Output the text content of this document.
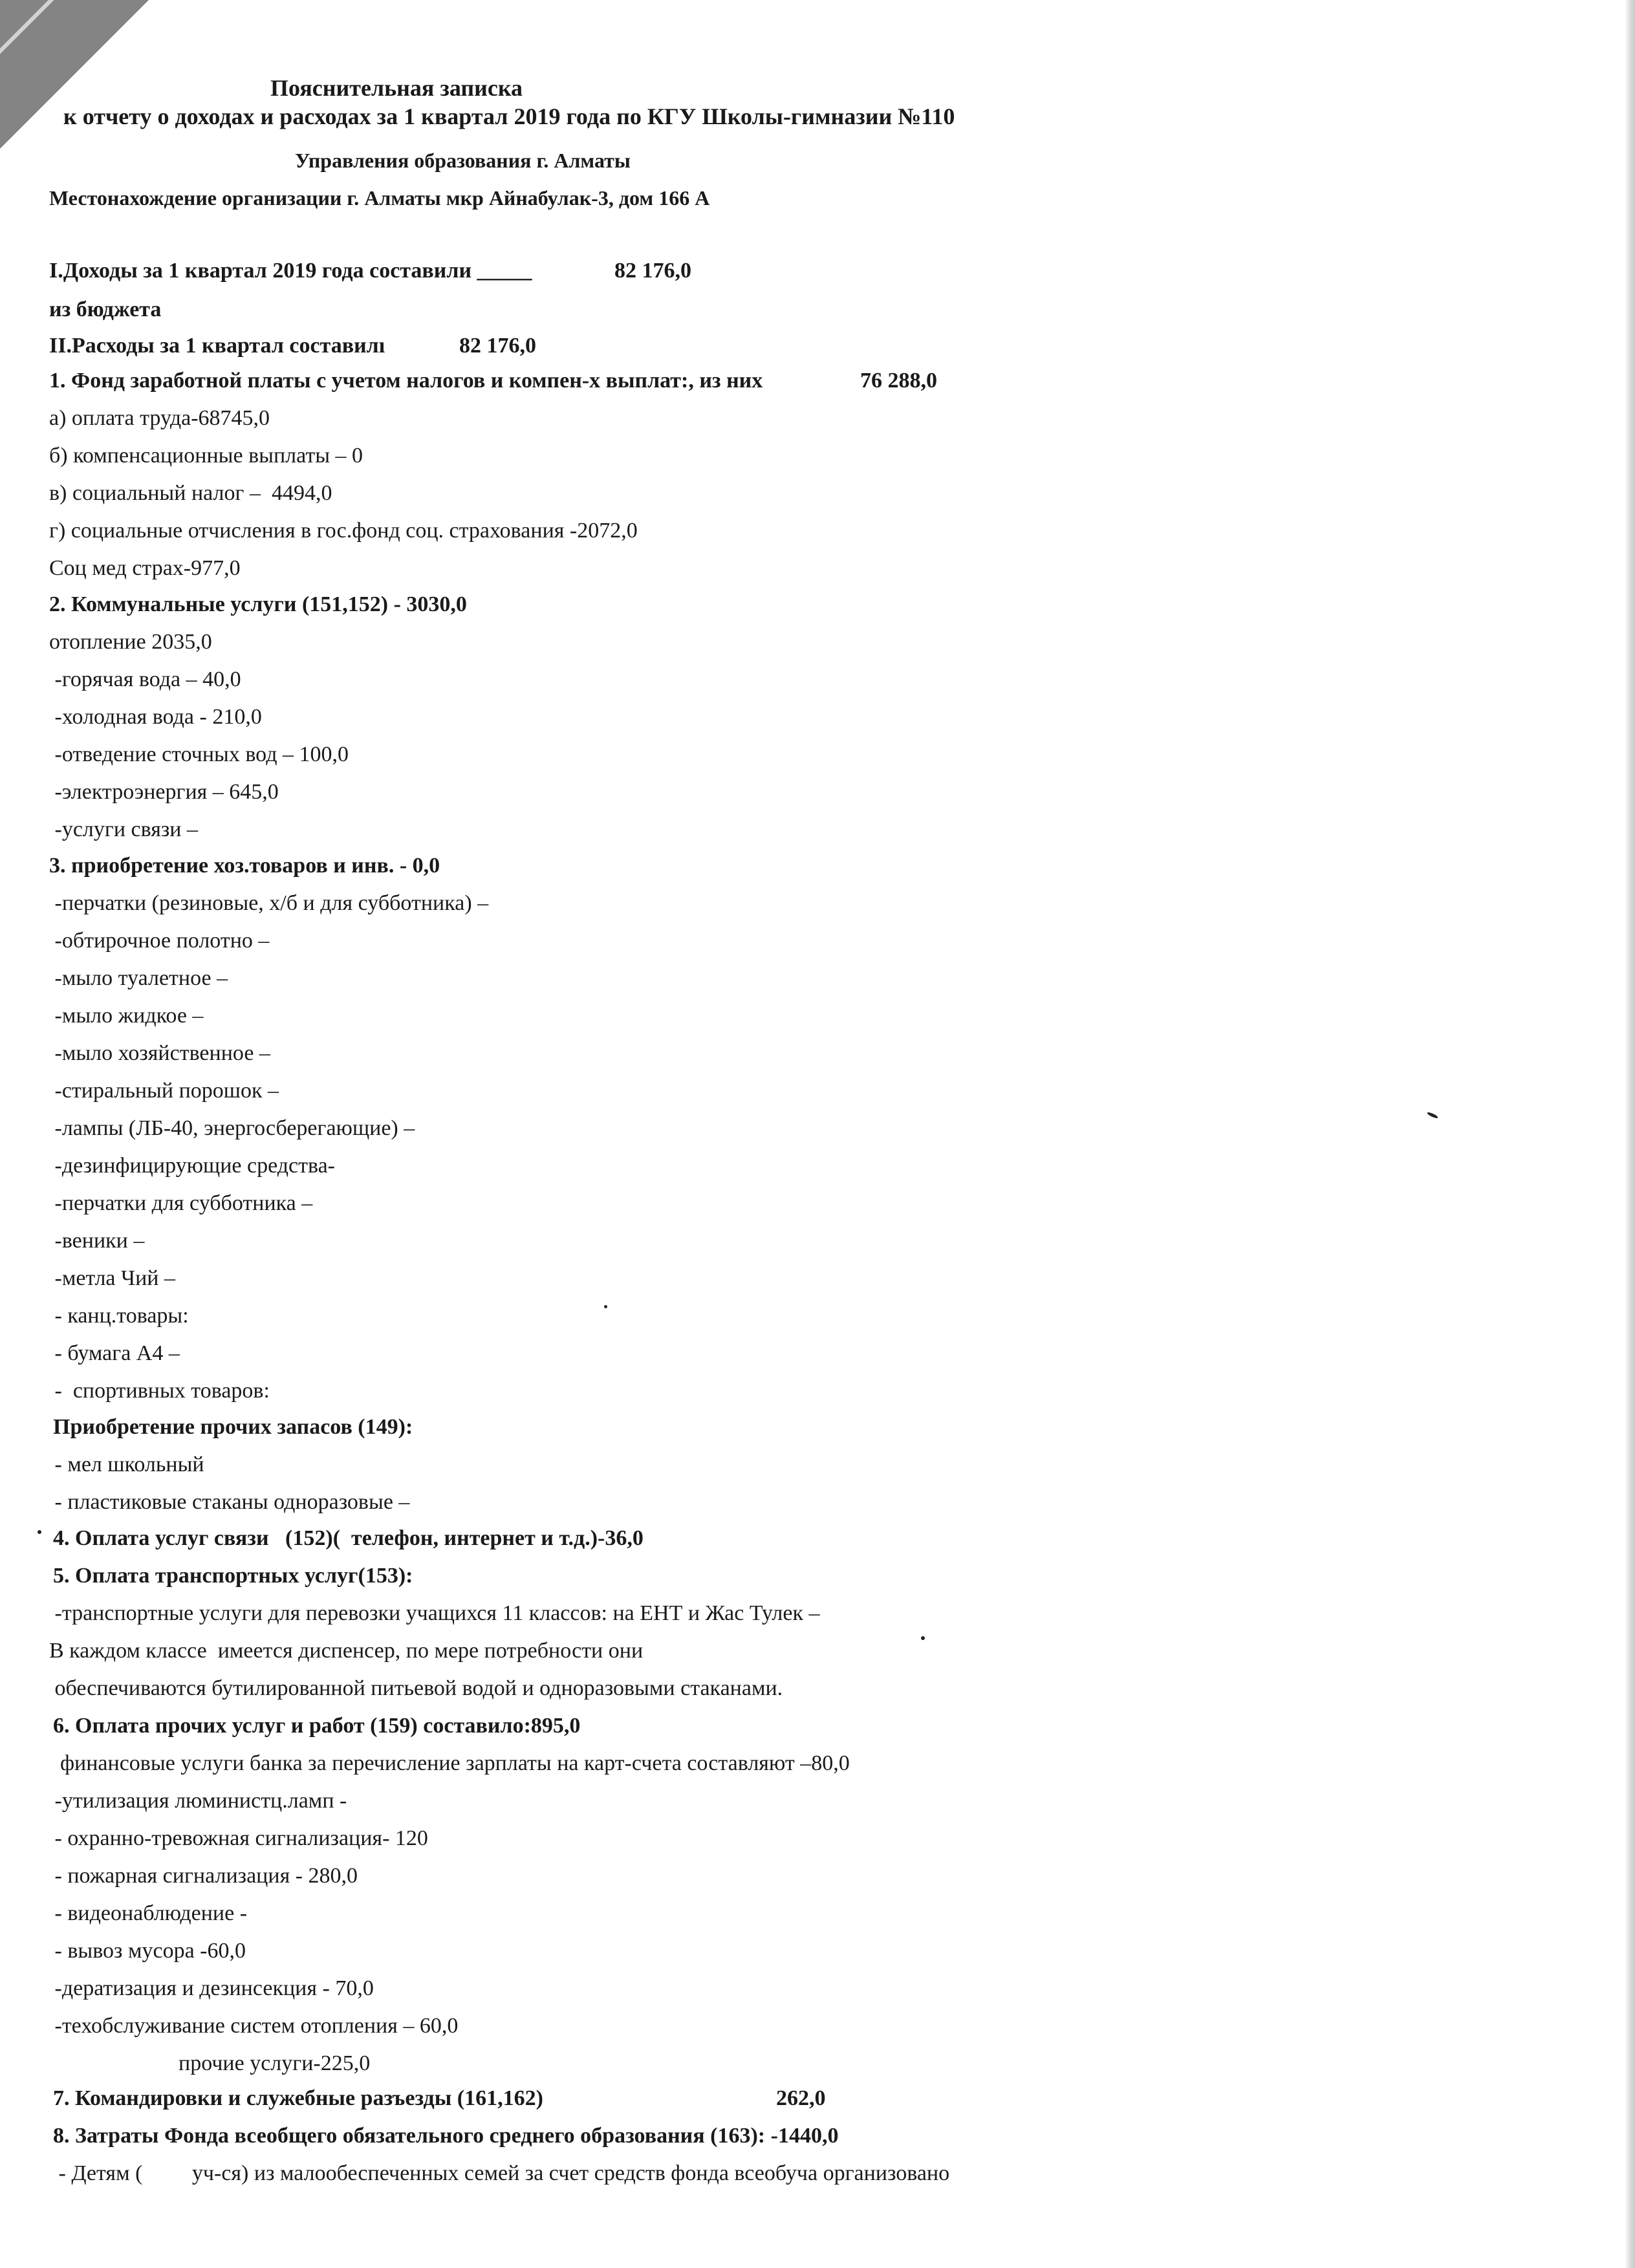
Пояснительная записка
к отчету о доходах и расходах за 1 квартал 2019 года по КГУ Школы-гимназии №110
Управления образования г. Алматы
Местонахождение организации г. Алматы мкр Айнабулак-3, дом 166 А
I.Доходы за 1 квартал 2019 года составили _____	82 176,0
из бюджета
II.Расходы за 1 квартал составилı	82 176,0
1. Фонд заработной платы с учетом налогов и компен-х выплат:, из них	76 288,0
а) оплата труда-68745,0
б) компенсационные выплаты – 0
в) социальный налог –  4494,0
г) социальные отчисления в гос.фонд соц. страхования -2072,0
Соц мед страх-977,0
2. Коммунальные услуги (151,152) - 3030,0
отопление 2035,0
-горячая вода – 40,0
-холодная вода - 210,0
-отведение сточных вод – 100,0
-электроэнергия – 645,0
-услуги связи –
3. приобретение хоз.товаров и инв. - 0,0
-перчатки (резиновые, х/б и для субботника) –
-обтирочное полотно –
-мыло туалетное –
-мыло жидкое –
-мыло хозяйственное –
-стиральный порошок –
-лампы (ЛБ-40, энергосберегающие) –
-дезинфицирующие средства-
-перчатки для субботника –
-веники –
-метла Чий –
- канц.товары:
- бумага А4 –
-  спортивных товаров:
Приобретение прочих запасов (149):
- мел школьный
- пластиковые стаканы одноразовые –
4. Оплата услуг связи   (152)(  телефон, интернет и т.д.)-36,0
5. Оплата транспортных услуг(153):
-транспортные услуги для перевозки учащихся 11 классов: на ЕНТ и Жас Тулек –
В каждом классе  имеется диспенсер, по мере потребности они
обеспечиваются бутилированной питьевой водой и одноразовыми стаканами.
6. Оплата прочих услуг и работ (159) составило:895,0
финансовые услуги банка за перечисление зарплаты на карт-счета составляют –80,0
-утилизация люминистц.ламп -
- охранно-тревожная сигнализация- 120
- пожарная сигнализация - 280,0
- видеонаблюдение -
- вывоз мусора -60,0
-дератизация и дезинсекция - 70,0
-техобслуживание систем отопления – 60,0
прочие услуги-225,0
7. Командировки и служебные разъезды (161,162)	262,0
8. Затраты Фонда всеобщего обязательного среднего образования (163): -1440,0
- Детям (         уч-ся) из малообеспеченных семей за счет средств фонда всеобуча организовано
